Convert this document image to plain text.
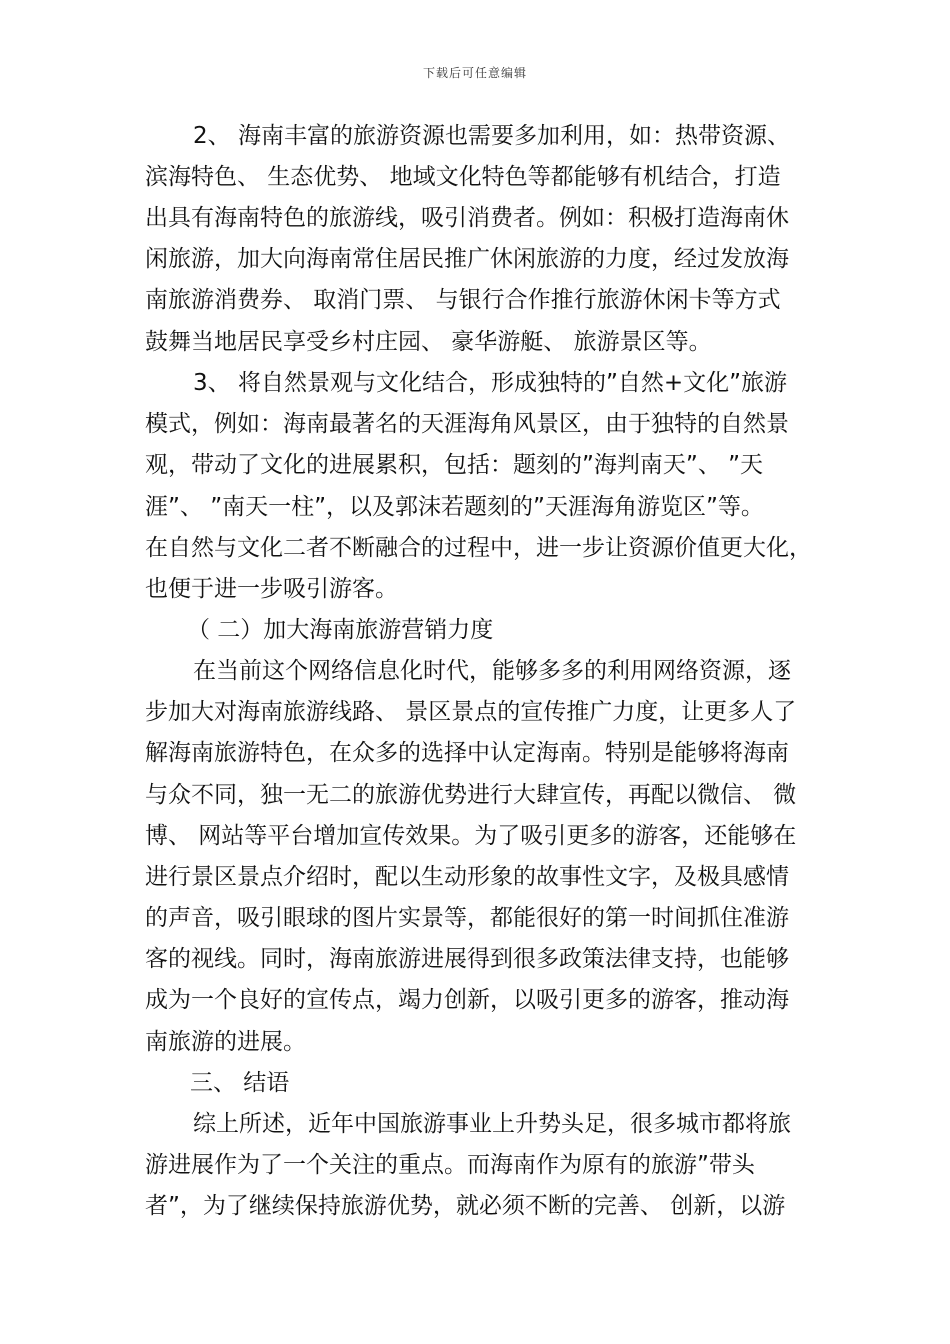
下载后可任意编辑
2、 海南丰富的旅游资源也需要多加利用，如：热带资源、
滨海特色、 生态优势、 地域文化特色等都能够有机结合，打造
出具有海南特色的旅游线，吸引消费者。例如：积极打造海南休
闲旅游，加大向海南常住居民推广休闲旅游的力度，经过发放海
南旅游消费券、 取消门票、 与银行合作推行旅游休闲卡等方式
鼓舞当地居民享受乡村庄园、 豪华游艇、 旅游景区等。
3、 将自然景观与文化结合，形成独特的”自然+文化”旅游
模式，例如：海南最著名的天涯海角风景区，由于独特的自然景
观，带动了文化的进展累积，包括：题刻的”海判南天”、 ”天
涯”、 ”南天一柱”，以及郭沫若题刻的”天涯海角游览区”等。
在自然与文化二者不断融合的过程中，进一步让资源价值更大化，
也便于进一步吸引游客。
（ 二）加大海南旅游营销力度
在当前这个网络信息化时代，能够多多的利用网络资源，逐
步加大对海南旅游线路、 景区景点的宣传推广力度，让更多人了
解海南旅游特色，在众多的选择中认定海南。特别是能够将海南
与众不同，独一无二的旅游优势进行大肆宣传，再配以微信、 微
博、 网站等平台增加宣传效果。为了吸引更多的游客，还能够在
进行景区景点介绍时，配以生动形象的故事性文字，及极具感情
的声音，吸引眼球的图片实景等，都能很好的第一时间抓住准游
客的视线。同时，海南旅游进展得到很多政策法律支持，也能够
成为一个良好的宣传点，竭力创新，以吸引更多的游客，推动海
南旅游的进展。
三、 结语
综上所述，近年中国旅游事业上升势头足，很多城市都将旅
游进展作为了一个关注的重点。而海南作为原有的旅游”带头
者”，为了继续保持旅游优势，就必须不断的完善、 创新，以游
